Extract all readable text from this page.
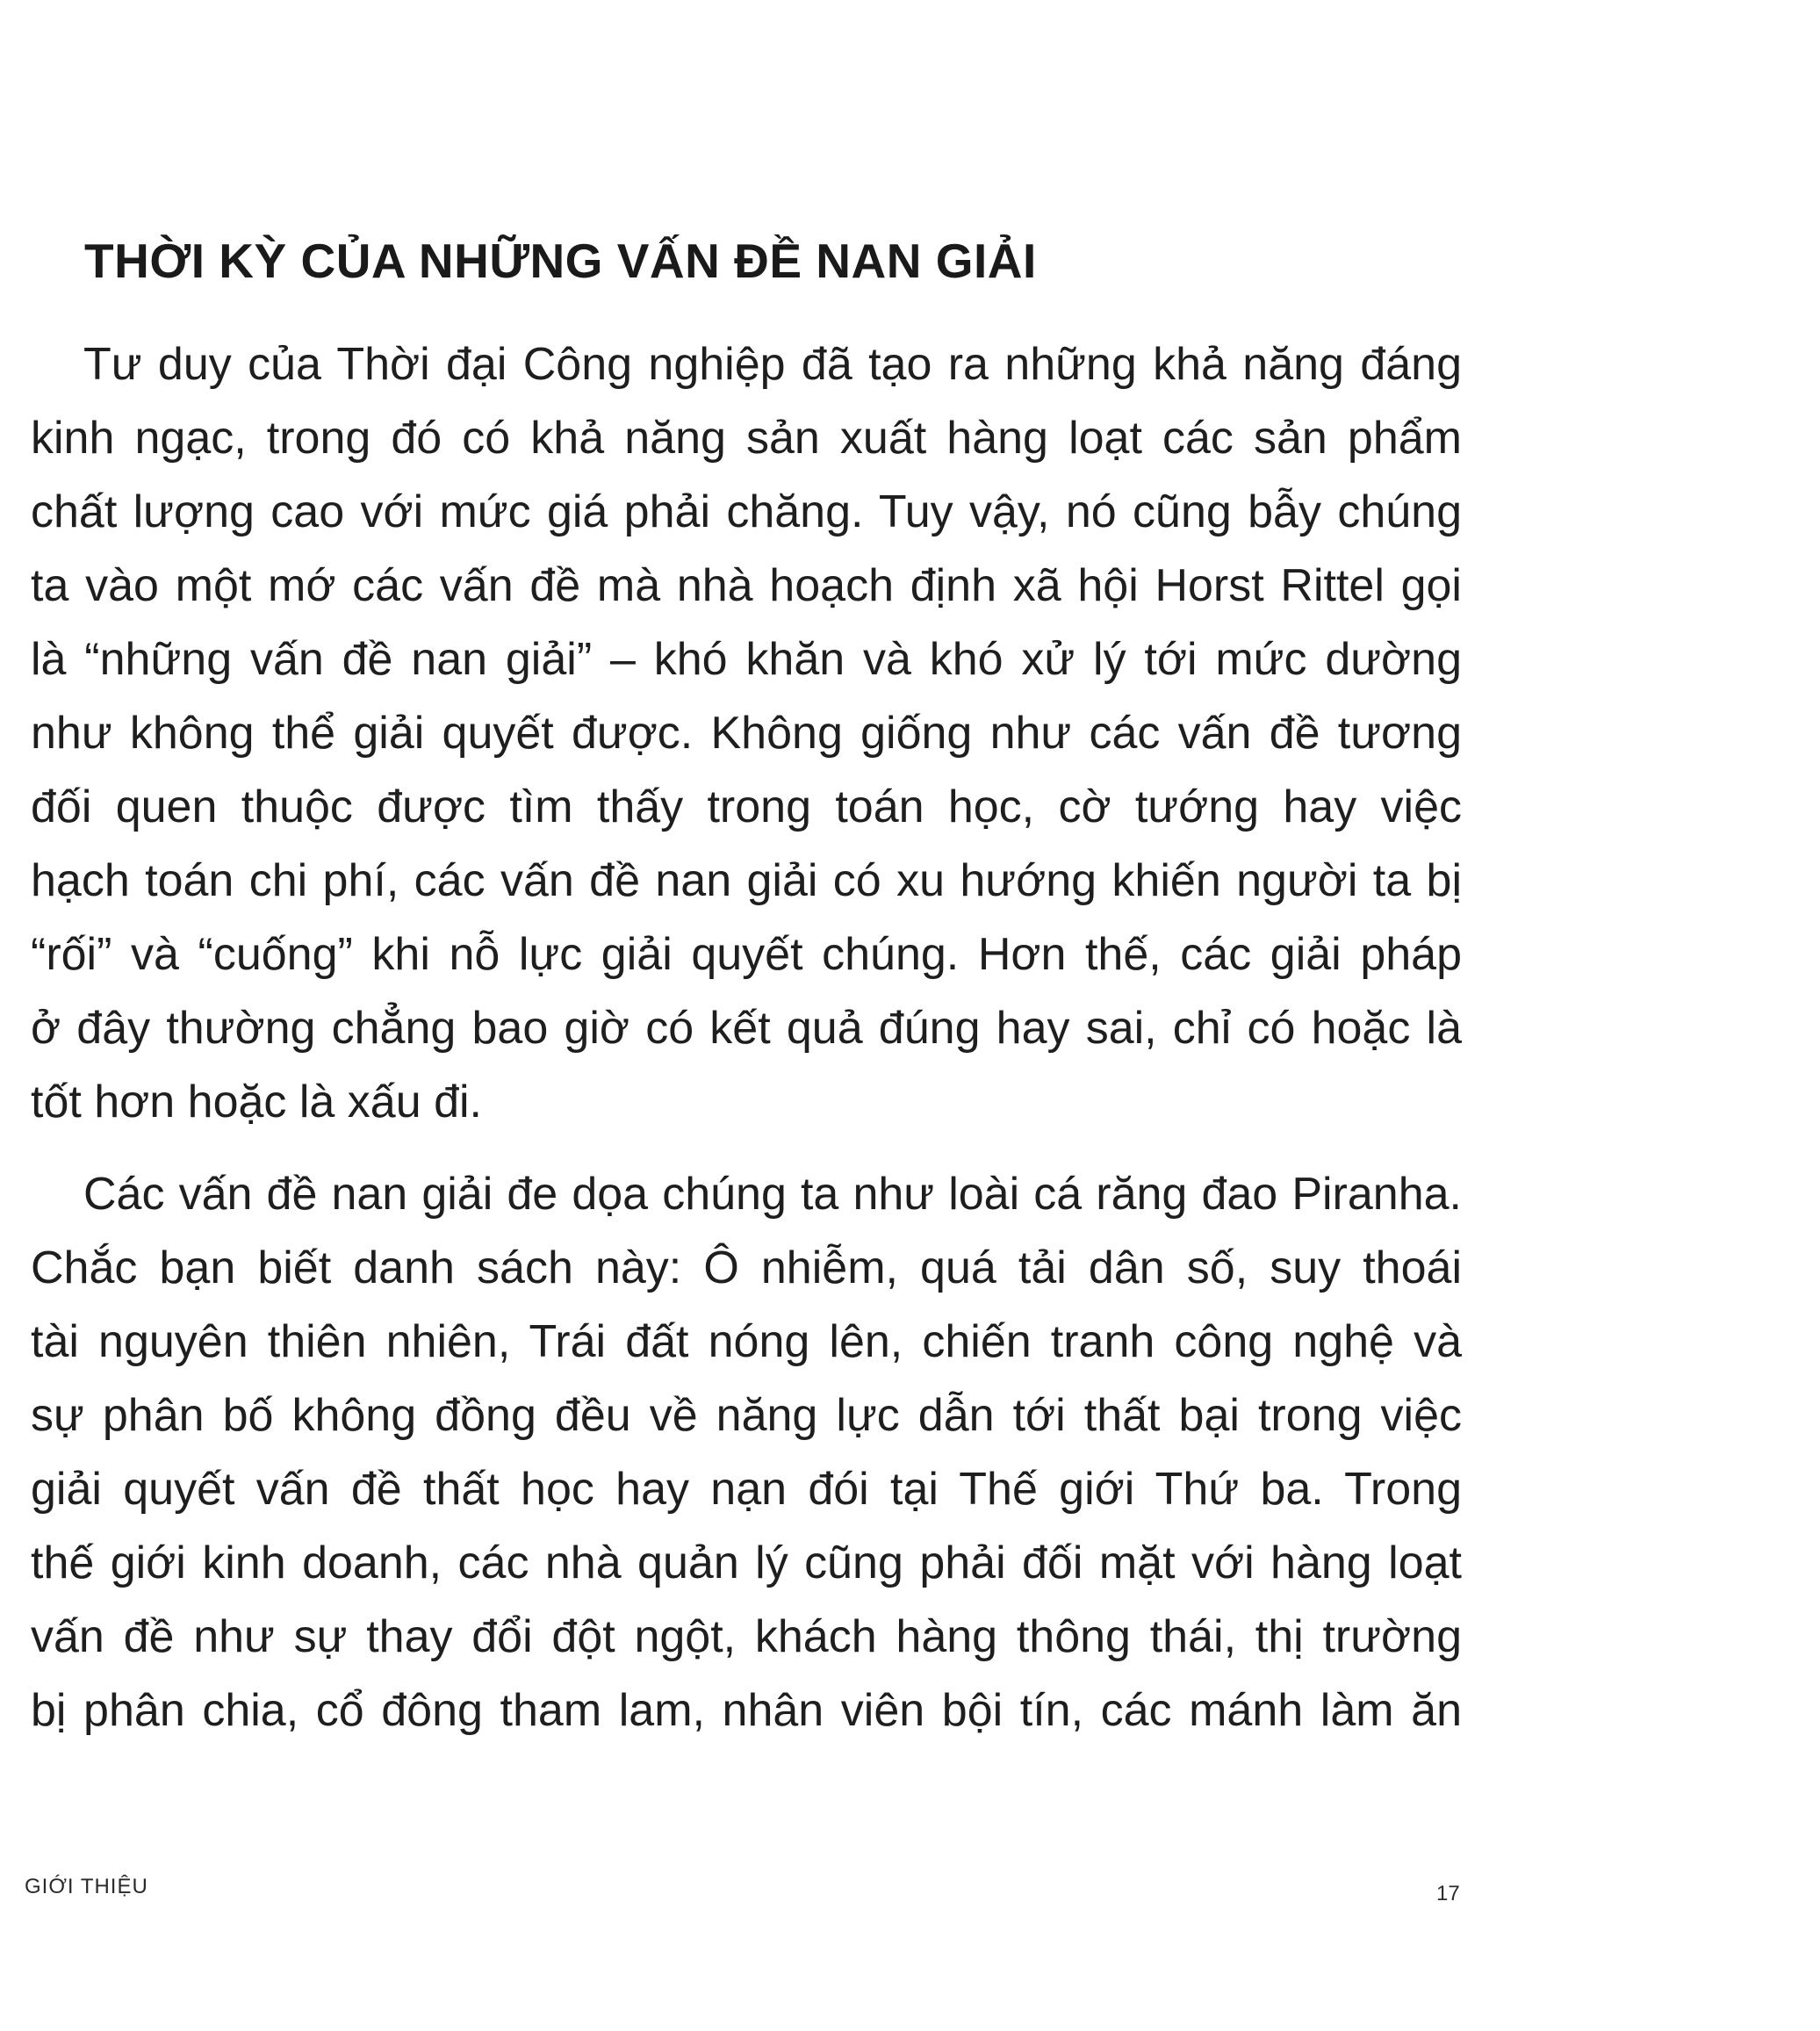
THỜI KỲ CỦA NHỮNG VẤN ĐỀ NAN GIẢI
Tư duy của Thời đại Công nghiệp đã tạo ra những khả năng đáng
kinh ngạc, trong đó có khả năng sản xuất hàng loạt các sản phẩm
chất lượng cao với mức giá phải chăng. Tuy vậy, nó cũng bẫy chúng
ta vào một mớ các vấn đề mà nhà hoạch định xã hội Horst Rittel gọi
là “những vấn đề nan giải” – khó khăn và khó xử lý tới mức dường
như không thể giải quyết được. Không giống như các vấn đề tương
đối quen thuộc được tìm thấy trong toán học, cờ tướng hay việc
hạch toán chi phí, các vấn đề nan giải có xu hướng khiến người ta bị
“rối” và “cuống” khi nỗ lực giải quyết chúng. Hơn thế, các giải pháp
ở đây thường chẳng bao giờ có kết quả đúng hay sai, chỉ có hoặc là
tốt hơn hoặc là xấu đi.
Các vấn đề nan giải đe dọa chúng ta như loài cá răng đao Piranha.
Chắc bạn biết danh sách này: Ô nhiễm, quá tải dân số, suy thoái
tài nguyên thiên nhiên, Trái đất nóng lên, chiến tranh công nghệ và
sự phân bố không đồng đều về năng lực dẫn tới thất bại trong việc
giải quyết vấn đề thất học hay nạn đói tại Thế giới Thứ ba. Trong
thế giới kinh doanh, các nhà quản lý cũng phải đối mặt với hàng loạt
vấn đề như sự thay đổi đột ngột, khách hàng thông thái, thị trường
bị phân chia, cổ đông tham lam, nhân viên bội tín, các mánh làm ăn
GIỚI THIỆU	17
